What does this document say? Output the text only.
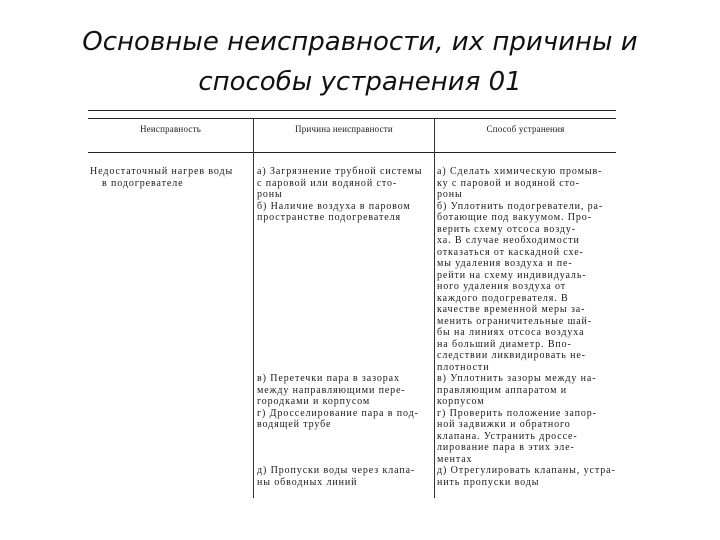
Основные неисправности, их причины и
способы устранения 01
Неисправность	Причина неисправности	Способ устранения

Недостаточный нагрев воды

в подогревателе

а) Загрязнение трубной системы

с паровой или водяной сто-

роны

б) Наличие воздуха в паровом

пространстве подогревателя

в) Перетечки пара в зазорах

между направляющими пере-

городками и корпусом

г) Дросселирование пара в под-

водящей трубе

д) Пропуски воды через клапа-

ны обводных линий

а) Сделать химическую промыв-

ку с паровой и водяной сто-

роны

б) Уплотнить подогреватели, ра-

ботающие под вакуумом. Про-

верить схему отсоса возду-

ха. В случае необходимости

отказаться от каскадной схе-

мы удаления воздуха и пе-

рейти на схему индивидуаль-

ного удаления воздуха от

каждого подогревателя. В

качестве временной меры за-

менить ограничительные шай-

бы на линиях отсоса воздуха

на больший диаметр. Впо-

следствии ликвидировать не-

плотности

в) Уплотнить зазоры между на-

правляющим аппаратом и

корпусом

г) Проверить положение запор-

ной задвижки и обратного

клапана. Устранить дроссе-

лирование пара в этих эле-

ментах

д) Отрегулировать клапаны, устра-

нить пропуски воды
